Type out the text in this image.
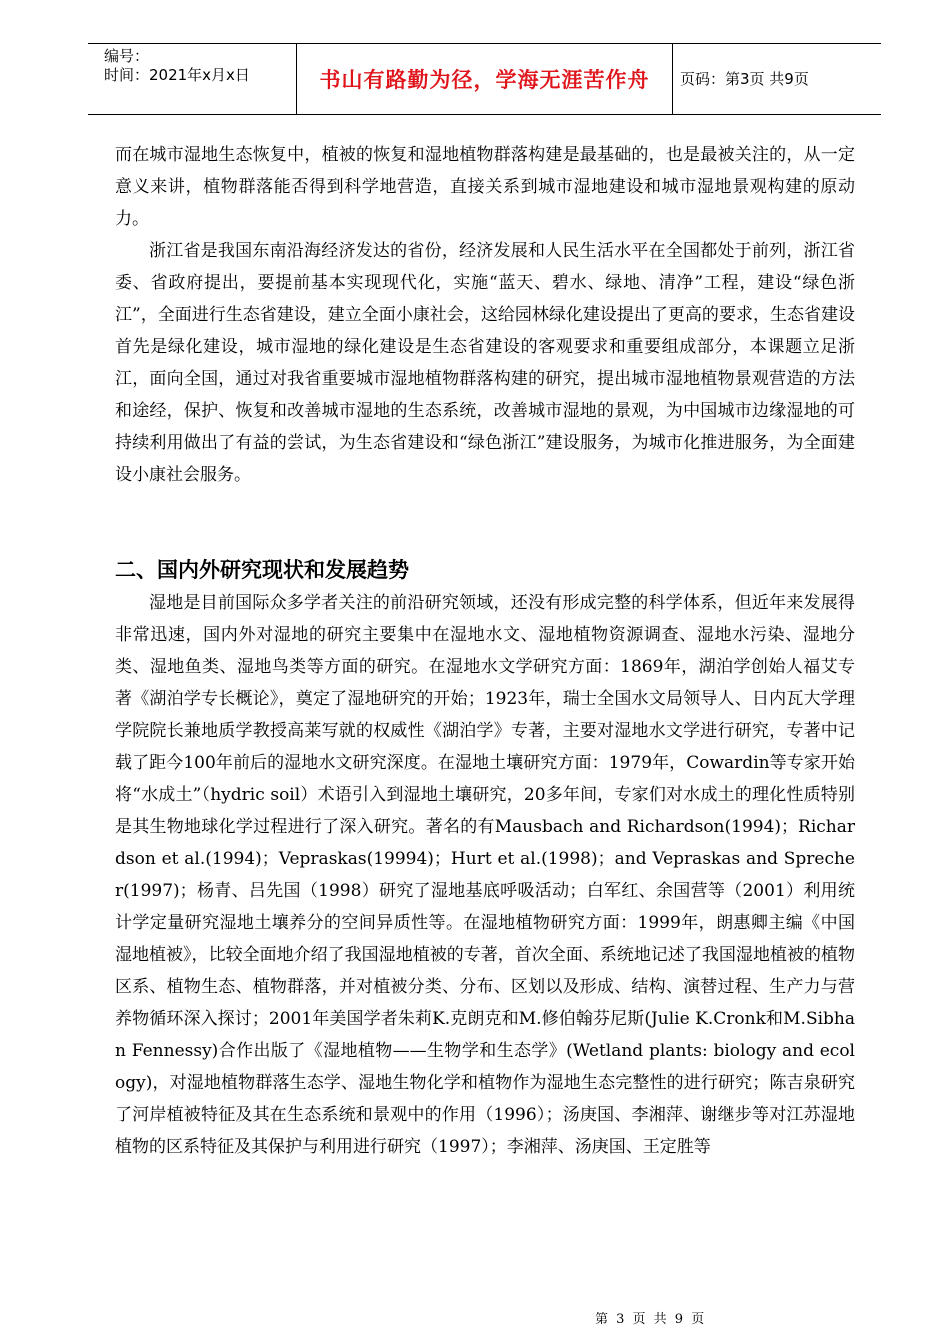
编号：
时间：2021年x月x日	书山有路勤为径，学海无涯苦作舟	页码：第3页 共9页

而在城市湿地生态恢复中，植被的恢复和湿地植物群落构建是最基础的，也是最被关注的，从一定意义来讲，植物群落能否得到科学地营造，直接关系到城市湿地建设和城市湿地景观构建的原动力。

浙江省是我国东南沿海经济发达的省份，经济发展和人民生活水平在全国都处于前列，浙江省委、省政府提出，要提前基本实现现代化，实施“蓝天、碧水、绿地、清净”工程，建设“绿色浙江”，全面进行生态省建设，建立全面小康社会，这给园林绿化建设提出了更高的要求，生态省建设首先是绿化建设，城市湿地的绿化建设是生态省建设的客观要求和重要组成部分，本课题立足浙江，面向全国，通过对我省重要城市湿地植物群落构建的研究，提出城市湿地植物景观营造的方法和途经，保护、恢复和改善城市湿地的生态系统，改善城市湿地的景观，为中国城市边缘湿地的可持续利用做出了有益的尝试，为生态省建设和“绿色浙江”建设服务，为城市化推进服务，为全面建设小康社会服务。

二、国内外研究现状和发展趋势

湿地是目前国际众多学者关注的前沿研究领域，还没有形成完整的科学体系，但近年来发展得非常迅速，国内外对湿地的研究主要集中在湿地水文、湿地植物资源调查、湿地水污染、湿地分类、湿地鱼类、湿地鸟类等方面的研究。在湿地水文学研究方面：1869年，湖泊学创始人福艾专著《湖泊学专长概论》，奠定了湿地研究的开始；1923年，瑞士全国水文局领导人、日内瓦大学理学院院长兼地质学教授高莱写就的权威性《湖泊学》专著，主要对湿地水文学进行研究，专著中记载了距今100年前后的湿地水文研究深度。在湿地土壤研究方面：1979年，Cowardin等专家开始将“水成土”（hydric soil）术语引入到湿地土壤研究，20多年间，专家们对水成土的理化性质特别是其生物地球化学过程进行了深入研究。著名的有Mausbach and Richardson(1994)；Richardson et al.(1994)；Vepraskas(19994)；Hurt et al.(1998)；and Vepraskas and Sprecher(1997)；杨青、吕先国（1998）研究了湿地基底呼吸活动；白军红、余国营等（2001）利用统计学定量研究湿地土壤养分的空间异质性等。在湿地植物研究方面：1999年，朗惠卿主编《中国湿地植被》，比较全面地介绍了我国湿地植被的专著，首次全面、系统地记述了我国湿地植被的植物区系、植物生态、植物群落，并对植被分类、分布、区划以及形成、结构、演替过程、生产力与营养物循环深入探讨；2001年美国学者朱莉K.克朗克和M.修伯翰芬尼斯(Julie K.Cronk和M.Sibhan Fennessy)合作出版了《湿地植物——生物学和生态学》(Wetland plants: biology and ecology)，对湿地植物群落生态学、湿地生物化学和植物作为湿地生态完整性的进行研究；陈吉泉研究了河岸植被特征及其在生态系统和景观中的作用（1996）；汤庚国、李湘萍、谢继步等对江苏湿地植物的区系特征及其保护与利用进行研究（1997）；李湘萍、汤庚国、王定胜等

第 3 页 共 9 页
